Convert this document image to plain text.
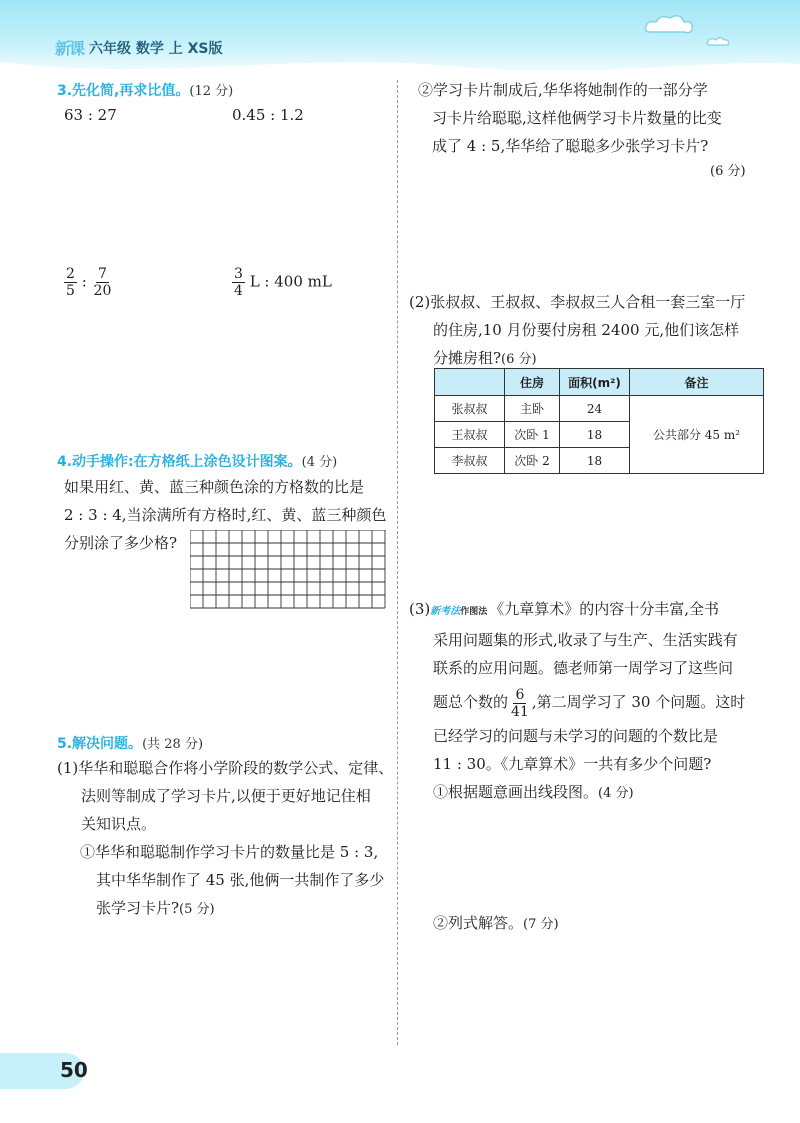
新课 六年级 数学 上 XS版
3.先化简,再求比值。(12 分)
63 : 27	0.45 : 1.2
$\frac{2}{5}$ : $\frac{7}{20}$	$\frac{3}{4}$ L : 400 mL
4.动手操作:在方格纸上涂色设计图案。(4 分)
如果用红、黄、蓝三种颜色涂的方格数的比是
2 : 3 : 4,当涂满所有方格时,红、黄、蓝三种颜色
分别涂了多少格?
5.解决问题。(共 28 分)
(1)华华和聪聪合作将小学阶段的数学公式、定律、
法则等制成了学习卡片,以便于更好地记住相
关知识点。
①华华和聪聪制作学习卡片的数量比是 5 : 3,
其中华华制作了 45 张,他俩一共制作了多少
张学习卡片?(5 分)
②学习卡片制成后,华华将她制作的一部分学
习卡片给聪聪,这样他俩学习卡片数量的比变
成了 4 : 5,华华给了聪聪多少张学习卡片?
(6 分)
(2)张叔叔、王叔叔、李叔叔三人合租一套三室一厅
的住房,10 月份要付房租 2400 元,他们该怎样
分摊房租?(6 分)
	住房	面积(m²)	备注
张叔叔	主卧	24	公共部分 45 m²
王叔叔	次卧 1	18	
李叔叔	次卧 2	18	
(3)新考法作图法 《九章算术》的内容十分丰富,全书
采用问题集的形式,收录了与生产、生活实践有
联系的应用问题。德老师第一周学习了这些问
题总个数的 $\frac{6}{41}$ ,第二周学习了 30 个问题。这时
已经学习的问题与未学习的问题的个数比是
11 : 30。《九章算术》一共有多少个问题?
①根据题意画出线段图。(4 分)
②列式解答。(7 分)
50
